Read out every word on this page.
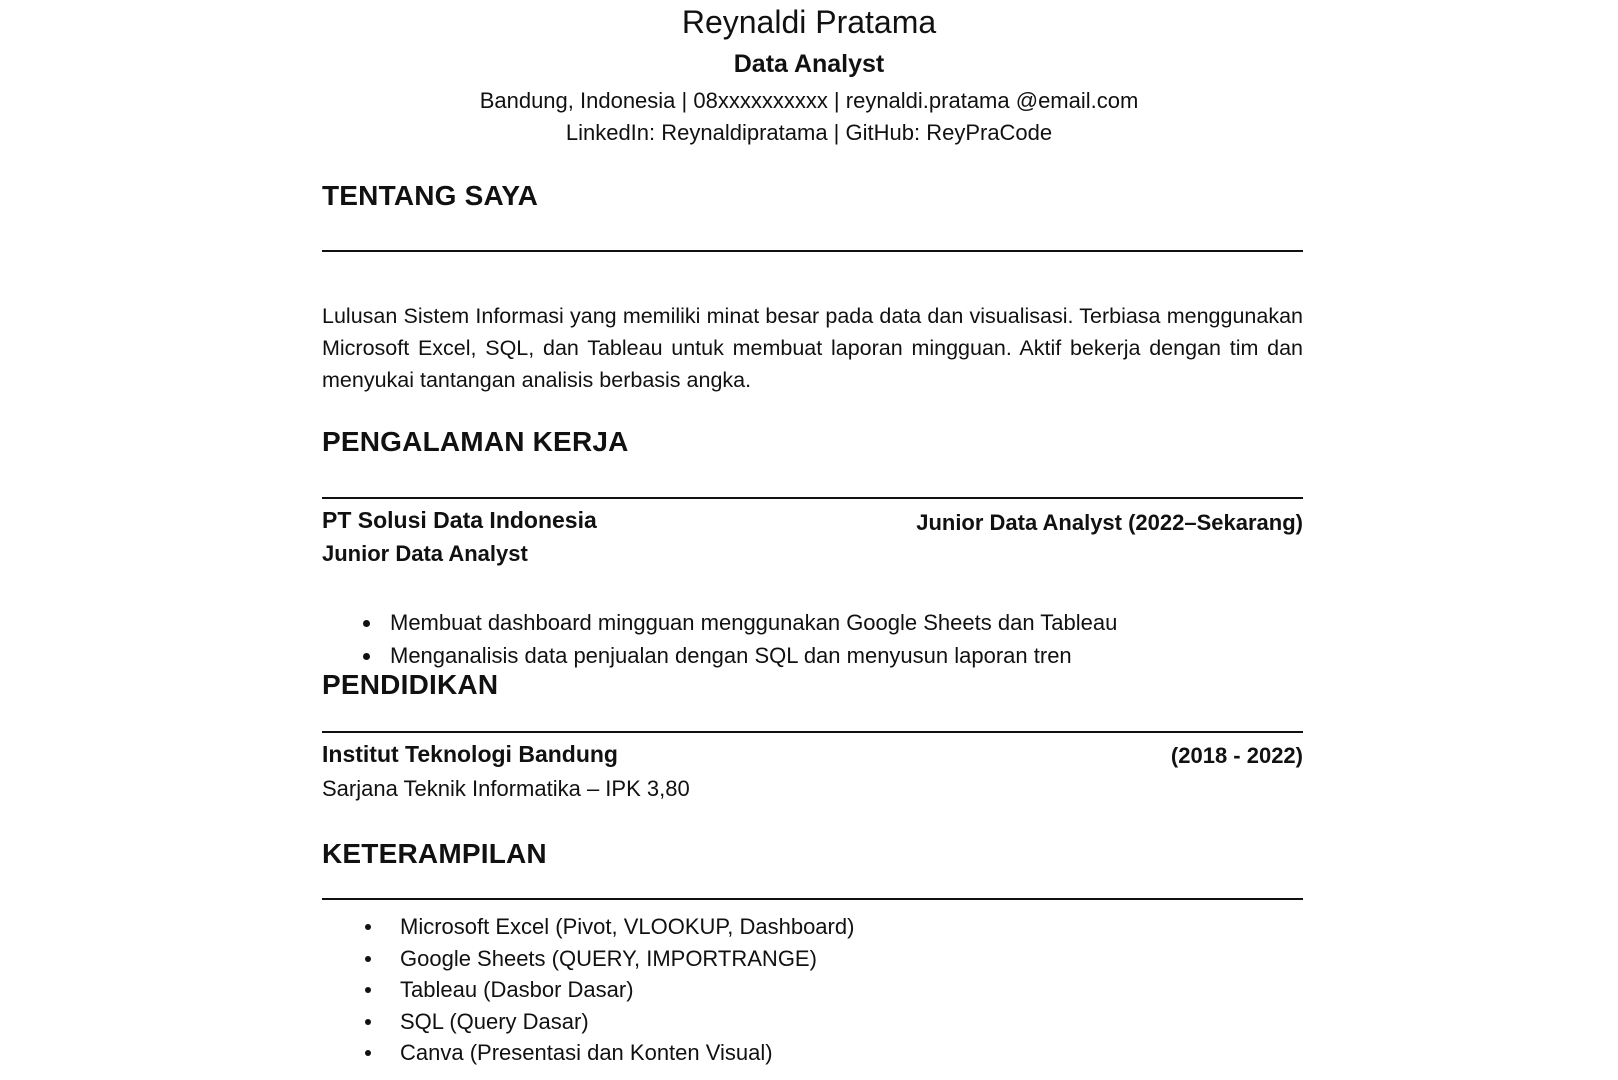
Reynaldi Pratama
Data Analyst
Bandung, Indonesia | 08xxxxxxxxxx | reynaldi.pratama @email.com
LinkedIn: Reynaldipratama | GitHub: ReyPraCode
TENTANG SAYA
Lulusan Sistem Informasi yang memiliki minat besar pada data dan visualisasi. Terbiasa menggunakan Microsoft Excel, SQL, dan Tableau untuk membuat laporan mingguan. Aktif bekerja dengan tim dan menyukai tantangan analisis berbasis angka.
PENGALAMAN KERJA
PT Solusi Data Indonesia	Junior Data Analyst (2022–Sekarang)
Junior Data Analyst
Membuat dashboard mingguan menggunakan Google Sheets dan Tableau
Menganalisis data penjualan dengan SQL dan menyusun laporan tren
PENDIDIKAN
Institut Teknologi Bandung	(2018 - 2022)
Sarjana Teknik Informatika – IPK 3,80
KETERAMPILAN
Microsoft Excel (Pivot, VLOOKUP, Dashboard)
Google Sheets (QUERY, IMPORTRANGE)
Tableau (Dasbor Dasar)
SQL (Query Dasar)
Canva (Presentasi dan Konten Visual)
